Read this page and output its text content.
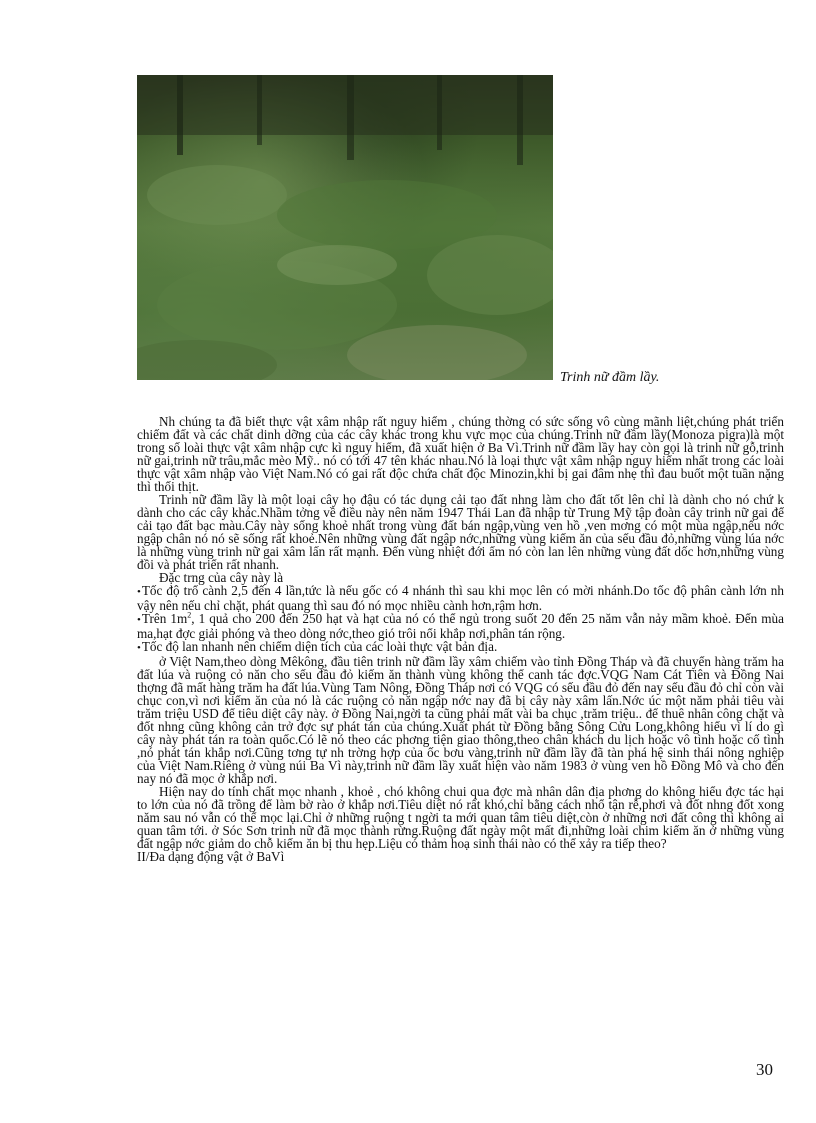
Trinh nữ đầm lầy.

Nh chúng ta đã biết thực vật xâm nhập rất nguy hiểm , chúng thờng có sức sống vô cùng mãnh liệt,chúng phát triển chiếm đất và các chất dinh dỡng của các cây khác trong khu vực mọc của chúng.Trinh nữ đầm lầy(Monoza pigra)là một trong số loài thực vật xâm nhập cực kì nguy hiểm, đã xuất hiện ở Ba Vì.Trinh nữ đầm lầy hay còn gọi là trinh nữ gỗ,trinh nữ gai,trinh nữ trâu,mắc mèo Mỹ.. nó có tới 47 tên khác nhau.Nó là loại thực vật xâm nhập nguy hiểm nhất trong các loài thực vật xâm nhập vào Việt Nam.Nó có gai rất độc chứa chất độc Minozin,khi bị gai đâm nhẹ thì đau buốt một tuần nặng thì thối thịt.

Trinh nữ đầm lầy là một loại cây họ đậu có tác dụng cải tạo đất nhng làm cho đất tốt lên chỉ là dành cho nó chứ k dành cho các cây khác.Nhầm tởng về điều này nên năm 1947 Thái Lan đã nhập từ Trung Mỹ tập đoàn cây trinh nữ gai để cải tạo đất bạc màu.Cây này sống khoẻ nhất trong vùng đất bán ngập,vùng ven hồ ,ven mơng có một mùa ngập,nếu nớc ngập chân nó nó sẽ sống rất khoẻ.Nên những vùng đất ngập nớc,những vùng kiếm ăn của sếu đầu đỏ,những vùng lúa nớc là những vùng trinh nữ gai xâm lấn rất mạnh. Đến vùng nhiệt đới ẩm nó còn lan lên những vùng đất dốc hơn,những vùng đồi và phát triển rất nhanh.

Đặc trng của cây này là

•Tốc độ trổ cành 2,5 đến 4 lần,tức là nếu gốc có 4 nhánh thì sau khi mọc lên có mời nhánh.Do tốc độ phân cành lớn nh vậy nên nếu chỉ chặt, phát quang thì sau đó nó mọc nhiều cành hơn,rậm hơn.

•Trên $1m^2$, 1 quả cho 200 đến 250 hạt và hạt của nó có thể ngủ trong suốt 20 đến 25 năm vẫn nảy mầm khoẻ. Đến mùa ma,hạt đợc giải phóng và theo dòng nớc,theo gió trôi nổi khắp nơi,phân tán rộng.

•Tốc độ lan nhanh nên chiếm diện tích của các loài thực vật bản địa.

ở Việt Nam,theo dòng Mêkông, đầu tiên trinh nữ đầm lầy xâm chiếm vào tỉnh Đồng Tháp và đã chuyển hàng trăm ha đất lúa và ruộng cỏ năn cho sếu đầu đỏ kiếm ăn thành vùng không thể canh tác đợc.VQG Nam Cát Tiên và Đồng Nai thợng đã mất hàng trăm ha đất lúa.Vùng Tam Nông, Đồng Tháp nơi có VQG có sếu đầu đỏ đến nay sếu đầu đỏ chỉ còn vài chục con,vì nơi kiếm ăn của nó là các ruộng cỏ năn ngập nớc nay đã bị cây này xâm lấn.Nớc úc một năm phải tiêu vài trăm triệu USD để tiêu diệt cây này. ở Đồng Nai,ngời ta cũng phải mất vài ba chục ,trăm triệu.. để thuê nhân công chặt và đốt nhng cũng không cản trở đợc sự phát tán của chúng.Xuất phát từ Đồng bằng Sông Cửu Long,không hiểu vì lí do gì cây này phát tán ra toàn quốc.Có lẽ nó theo các phơng tiện giao thông,theo chân khách du lịch hoặc vô tình hoặc cố tình ,nó phát tán khắp nơi.Cũng tơng tự nh trờng hợp của ốc bơu vàng,trinh nữ đầm lầy đã tàn phá hệ sinh thái nông nghiệp của Việt Nam.Riêng ở vùng núi Ba Vì này,trinh nữ đầm lầy xuất hiện vào năm 1983 ở vùng ven hồ Đồng Mô và cho đến nay nó đã mọc ở khắp nơi.

Hiện nay do tính chất mọc nhanh , khoẻ , chó không chui qua đợc mà nhân dân địa phơng do không hiểu đợc tác hại to lớn của nó đã trồng để làm bờ rào ở khắp nơi.Tiêu diệt nó rất khó,chỉ bằng cách nhổ tận rễ,phơi và đốt nhng đốt xong năm sau nó vẫn có thể mọc lại.Chỉ ở những ruộng t ngời ta mới quan tâm tiêu diệt,còn ở những nơi đất công thì không ai quan tâm tới. ở Sóc Sơn trinh nữ đã mọc thành rừng.Ruộng đất ngày một mất đi,những loài chim kiếm ăn ở những vùng đất ngập nớc giảm do chỗ kiếm ăn bị thu hẹp.Liệu có thảm hoạ sinh thái nào có thể xảy ra tiếp theo?

II/Đa dạng động vật ở BaVì

30
